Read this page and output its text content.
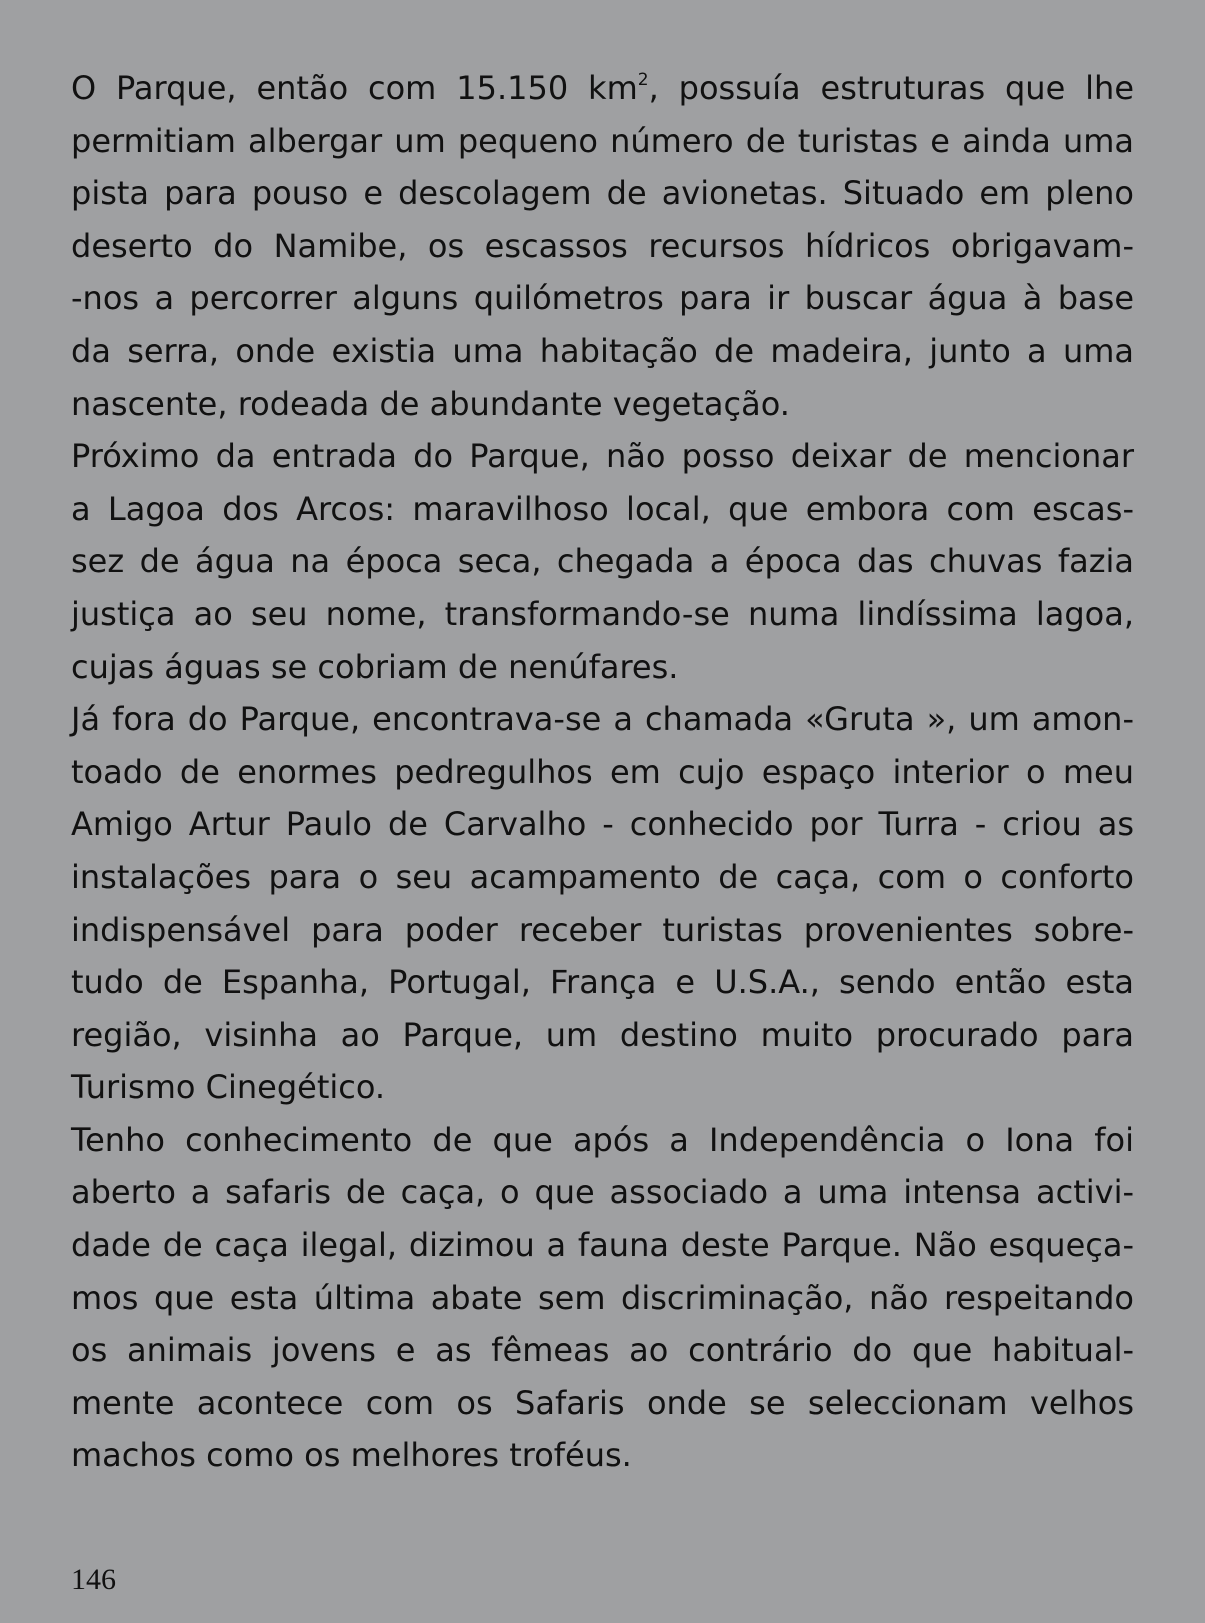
O Parque, então com 15.150 $km^2$, possuía estruturas que lhe
permitiam albergar um pequeno número de turistas e ainda uma
pista para pouso e descolagem de avionetas. Situado em pleno
deserto do Namibe, os escassos recursos hídricos obrigavam-
-nos a percorrer alguns quilómetros para ir buscar água à base
da serra, onde existia uma habitação de madeira, junto a uma
nascente, rodeada de abundante vegetação.
Próximo da entrada do Parque, não posso deixar de mencionar
a Lagoa dos Arcos: maravilhoso local, que embora com escas-
sez de água na época seca, chegada a época das chuvas fazia
justiça ao seu nome, transformando-se numa lindíssima lagoa,
cujas águas se cobriam de nenúfares.
Já fora do Parque, encontrava-se a chamada «Gruta », um amon-
toado de enormes pedregulhos em cujo espaço interior o meu
Amigo Artur Paulo de Carvalho - conhecido por Turra - criou as
instalações para o seu acampamento de caça, com o conforto
indispensável para poder receber turistas provenientes sobre-
tudo de Espanha, Portugal, França e U.S.A., sendo então esta
região, visinha ao Parque, um destino muito procurado para
Turismo Cinegético.
Tenho conhecimento de que após a Independência o Iona foi
aberto a safaris de caça, o que associado a uma intensa activi-
dade de caça ilegal, dizimou a fauna deste Parque. Não esqueça-
mos que esta última abate sem discriminação, não respeitando
os animais jovens e as fêmeas ao contrário do que habitual-
mente acontece com os Safaris onde se seleccionam velhos
machos como os melhores troféus.
146
